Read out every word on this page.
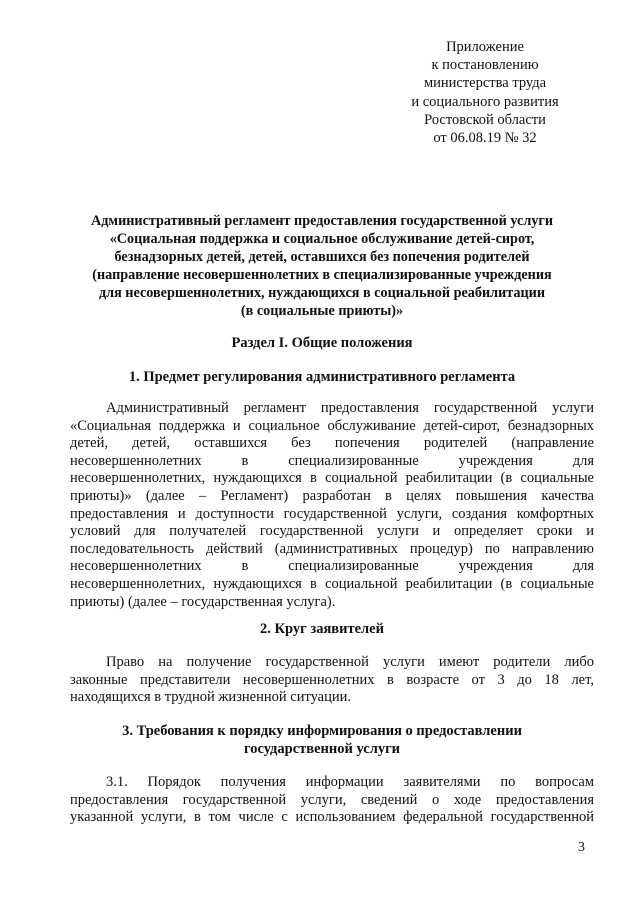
Приложение
к постановлению
министерства труда
и социального развития
Ростовской области
от 06.08.19 № 32
Административный регламент предоставления государственной услуги
«Социальная поддержка и социальное обслуживание детей-сирот,
безнадзорных детей, детей, оставшихся без попечения родителей
(направление несовершеннолетних в специализированные учреждения
для несовершеннолетних, нуждающихся в социальной реабилитации
(в социальные приюты)»
Раздел I. Общие положения
1. Предмет регулирования административного регламента
Административный регламент предоставления государственной услуги
«Социальная поддержка и социальное обслуживание детей-сирот, безнадзорных
детей, детей, оставшихся без попечения родителей (направление
несовершеннолетних в специализированные учреждения для
несовершеннолетних, нуждающихся в социальной реабилитации (в социальные
приюты)» (далее – Регламент) разработан в целях повышения качества
предоставления и доступности государственной услуги, создания комфортных
условий для получателей государственной услуги и определяет сроки и
последовательность действий (административных процедур) по направлению
несовершеннолетних в специализированные учреждения для
несовершеннолетних, нуждающихся в социальной реабилитации (в социальные
приюты) (далее – государственная услуга).
2. Круг заявителей
Право на получение государственной услуги имеют родители либо
законные представители несовершеннолетних в возрасте от 3 до 18 лет,
находящихся в трудной жизненной ситуации.
3. Требования к порядку информирования о предоставлении
государственной услуги
3.1. Порядок получения информации заявителями по вопросам
предоставления государственной услуги, сведений о ходе предоставления
указанной услуги, в том числе с использованием федеральной государственной
3
